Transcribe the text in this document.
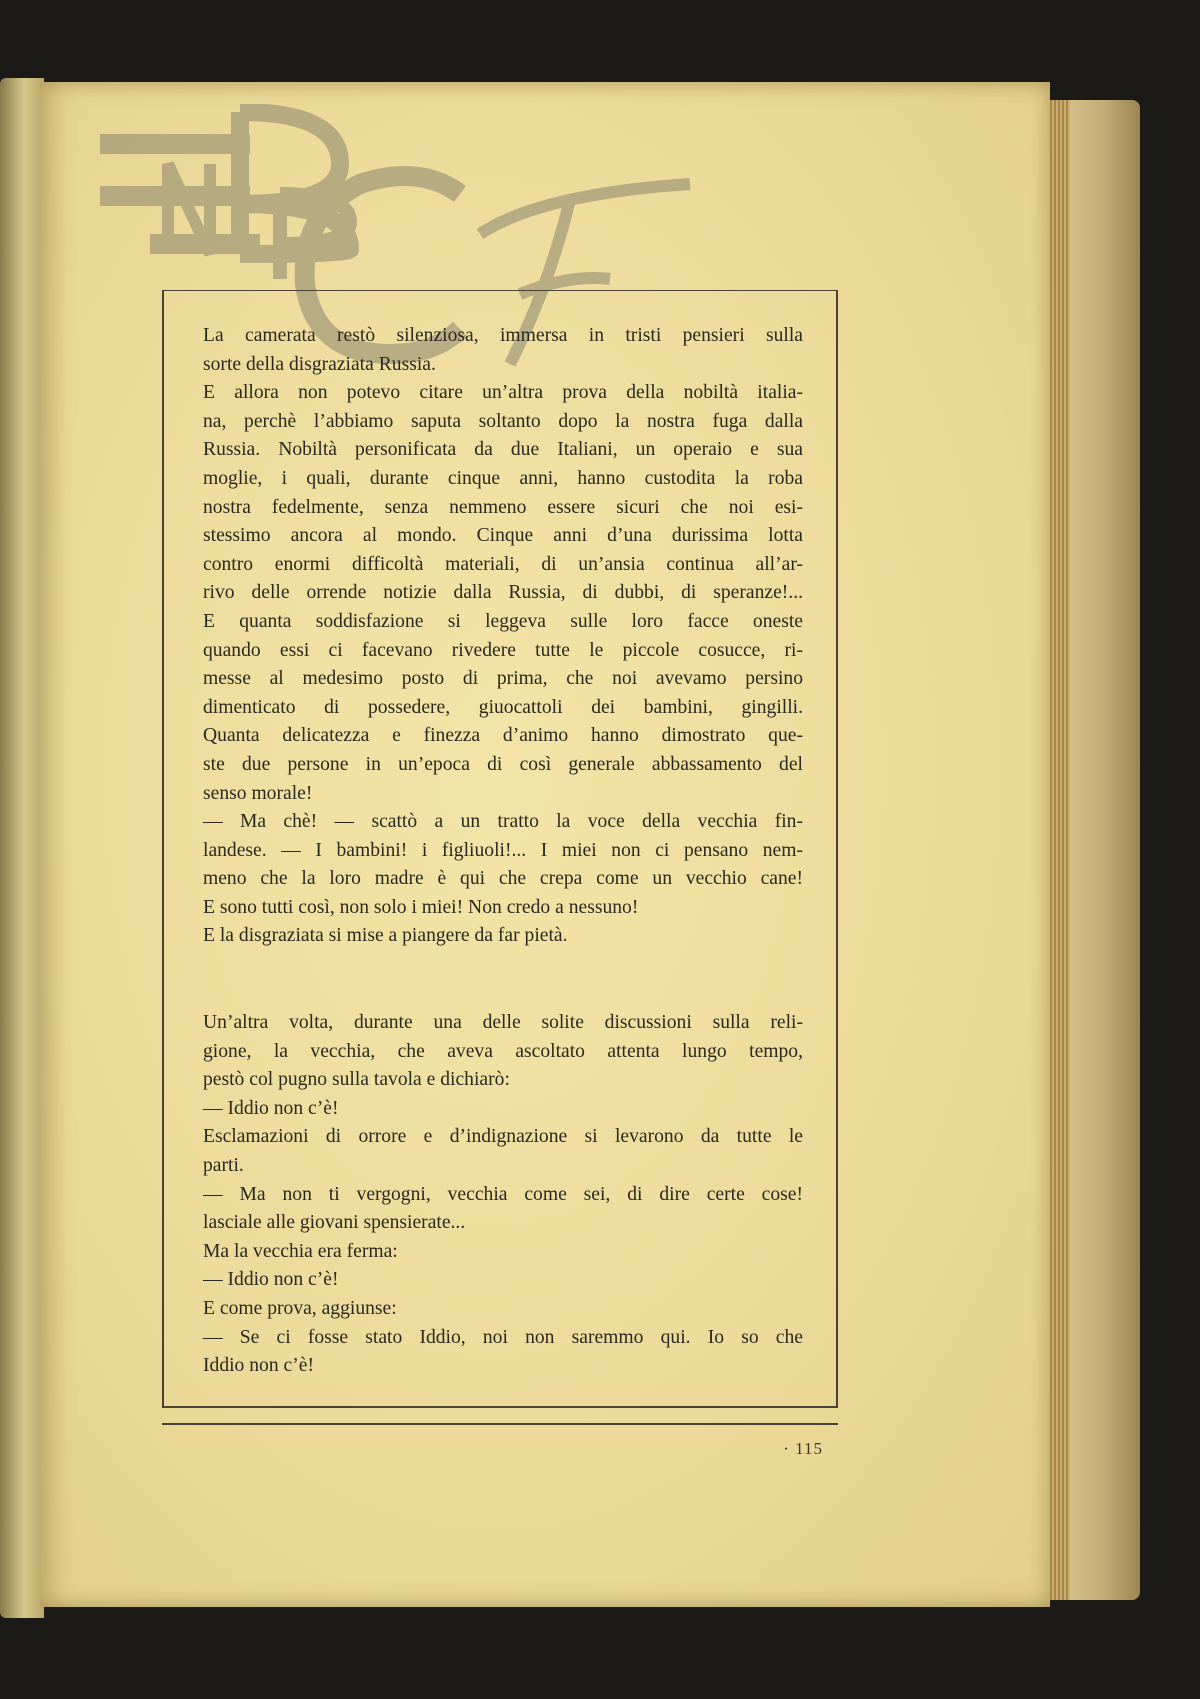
La camerata restò silenziosa, immersa in tristi pensieri sulla
sorte della disgraziata Russia.
E allora non potevo citare un’altra prova della nobiltà italia-
na, perchè l’abbiamo saputa soltanto dopo la nostra fuga dalla
Russia. Nobiltà personificata da due Italiani, un operaio e sua
moglie, i quali, durante cinque anni, hanno custodita la roba
nostra fedelmente, senza nemmeno essere sicuri che noi esi-
stessimo ancora al mondo. Cinque anni d’una durissima lotta
contro enormi difficoltà materiali, di un’ansia continua all’ar-
rivo delle orrende notizie dalla Russia, di dubbi, di speranze!...
E quanta soddisfazione si leggeva sulle loro facce oneste
quando essi ci facevano rivedere tutte le piccole cosucce, ri-
messe al medesimo posto di prima, che noi avevamo persino
dimenticato di possedere, giuocattoli dei bambini, gingilli.
Quanta delicatezza e finezza d’animo hanno dimostrato que-
ste due persone in un’epoca di così generale abbassamento del
senso morale!
— Ma chè! — scattò a un tratto la voce della vecchia fin-
landese. — I bambini! i figliuoli!... I miei non ci pensano nem-
meno che la loro madre è qui che crepa come un vecchio cane!
E sono tutti così, non solo i miei! Non credo a nessuno!
E la disgraziata si mise a piangere da far pietà.
Un’altra volta, durante una delle solite discussioni sulla reli-
gione, la vecchia, che aveva ascoltato attenta lungo tempo,
pestò col pugno sulla tavola e dichiarò:
— Iddio non c’è!
Esclamazioni di orrore e d’indignazione si levarono da tutte le
parti.
— Ma non ti vergogni, vecchia come sei, di dire certe cose!
lasciale alle giovani spensierate...
Ma la vecchia era ferma:
— Iddio non c’è!
E come prova, aggiunse:
— Se ci fosse stato Iddio, noi non saremmo qui. Io so che
Iddio non c’è!
· 115
